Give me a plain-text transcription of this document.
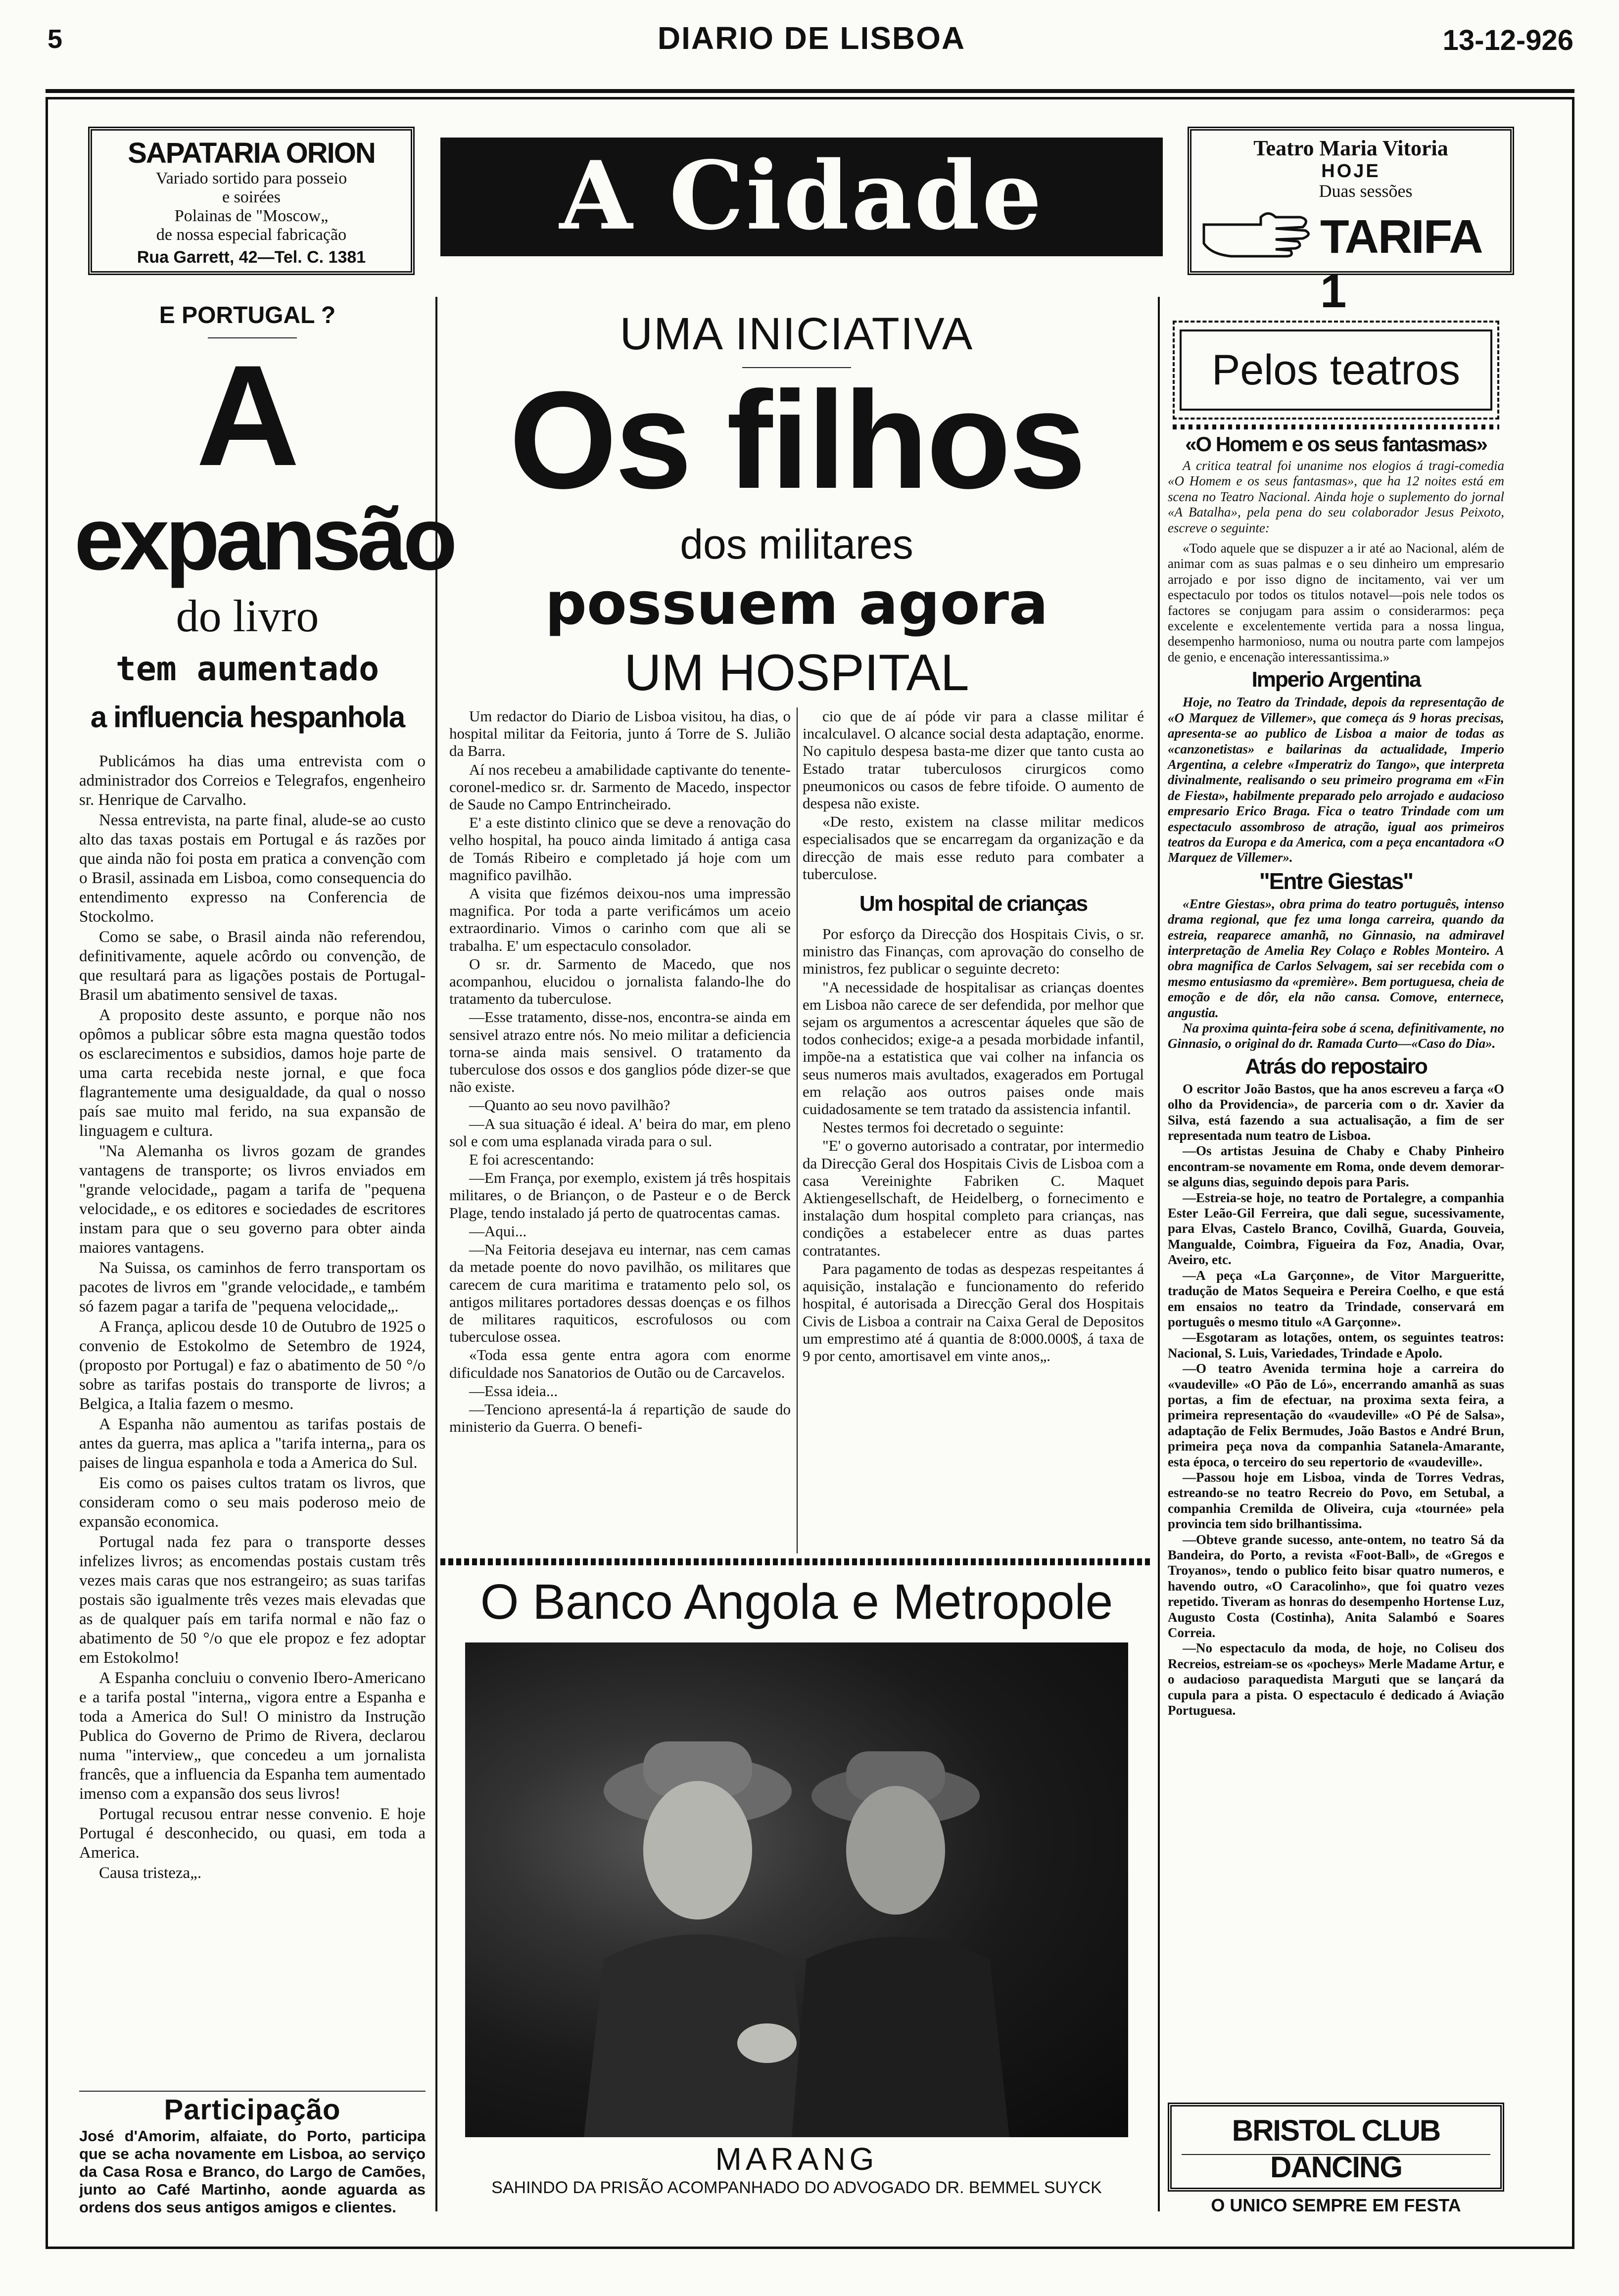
5	DIARIO DE LISBOA	13-12-926
SAPATARIA ORION
Variado sortido para posseio
e soirées
Polainas de "Moscow„
de nossa especial fabricação
Rua Garrett, 42—Tel. C. 1381
A Cidade	Teatro Maria Vitoria
HOJE
Duas sessões
TARIFA 1
E PORTUGAL ?
A
expansão
do livro
tem aumentado
a influencia hespanhola

Publicámos ha dias uma entrevista com o administrador dos Correios e Telegrafos, engenheiro sr. Henrique de Carvalho.

Nessa entrevista, na parte final, alude-se ao custo alto das taxas postais em Portugal e ás razões por que ainda não foi posta em pratica a convenção com o Brasil, assinada em Lisboa, como consequencia do entendimento expresso na Conferencia de Stockolmo.

Como se sabe, o Brasil ainda não referendou, definitivamente, aquele acôrdo ou convenção, de que resultará para as ligações postais de Portugal-Brasil um abatimento sensivel de taxas.

A proposito deste assunto, e porque não nos opômos a publicar sôbre esta magna questão todos os esclarecimentos e subsidios, damos hoje parte de uma carta recebida neste jornal, e que foca flagrantemente uma desigualdade, da qual o nosso país sae muito mal ferido, na sua expansão de linguagem e cultura.

"Na Alemanha os livros gozam de grandes vantagens de transporte; os livros enviados em "grande velocidade„ pagam a tarifa de "pequena velocidade„ e os editores e sociedades de escritores instam para que o seu governo para obter ainda maiores vantagens.

Na Suissa, os caminhos de ferro transportam os pacotes de livros em "grande velocidade„ e também só fazem pagar a tarifa de "pequena velocidade„.

A França, aplicou desde 10 de Outubro de 1925 o convenio de Estokolmo de Setembro de 1924, (proposto por Portugal) e faz o abatimento de 50 °/o sobre as tarifas postais do transporte de livros; a Belgica, a Italia fazem o mesmo.

A Espanha não aumentou as tarifas postais de antes da guerra, mas aplica a "tarifa interna„ para os paises de lingua espanhola e toda a America do Sul.

Eis como os paises cultos tratam os livros, que consideram como o seu mais poderoso meio de expansão economica.

Portugal nada fez para o transporte desses infelizes livros; as encomendas postais custam três vezes mais caras que nos estrangeiro; as suas tarifas postais são igualmente três vezes mais elevadas que as de qualquer país em tarifa normal e não faz o abatimento de 50 °/o que ele propoz e fez adoptar em Estokolmo!

A Espanha concluiu o convenio Ibero-Americano e a tarifa postal "interna„ vigora entre a Espanha e toda a America do Sul! O ministro da Instrução Publica do Governo de Primo de Rivera, declarou numa "interview„ que concedeu a um jornalista francês, que a influencia da Espanha tem aumentado imenso com a expansão dos seus livros!

Portugal recusou entrar nesse convenio. E hoje Portugal é desconhecido, ou quasi, em toda a America.

Causa tristeza„.

Participação
José d'Amorim, alfaiate, do Porto, participa que se acha novamente em Lisboa, ao serviço da Casa Rosa e Branco, do Largo de Camões, junto ao Café Martinho, aonde aguarda as ordens dos seus antigos amigos e clientes.
UMA INICIATIVA
Os filhos
dos militares
possuem agora
UM HOSPITAL

Um redactor do Diario de Lisboa visitou, ha dias, o hospital militar da Feitoria, junto á Torre de S. Julião da Barra.

Aí nos recebeu a amabilidade captivante do tenente-coronel-medico sr. dr. Sarmento de Macedo, inspector de Saude no Campo Entrincheirado.

E' a este distinto clinico que se deve a renovação do velho hospital, ha pouco ainda limitado á antiga casa de Tomás Ribeiro e completado já hoje com um magnifico pavilhão.

A visita que fizémos deixou-nos uma impressão magnifica. Por toda a parte verificámos um aceio extraordinario. Vimos o carinho com que ali se trabalha. E' um espectaculo consolador.

O sr. dr. Sarmento de Macedo, que nos acompanhou, elucidou o jornalista falando-lhe do tratamento da tuberculose.

—Esse tratamento, disse-nos, encontra-se ainda em sensivel atrazo entre nós. No meio militar a deficiencia torna-se ainda mais sensivel. O tratamento da tuberculose dos ossos e dos ganglios póde dizer-se que não existe.

—Quanto ao seu novo pavilhão?

—A sua situação é ideal. A' beira do mar, em pleno sol e com uma esplanada virada para o sul.

E foi acrescentando:

—Em França, por exemplo, existem já três hospitais militares, o de Briançon, o de Pasteur e o de Berck Plage, tendo instalado já perto de quatrocentas camas.

—Aqui...

—Na Feitoria desejava eu internar, nas cem camas da metade poente do novo pavilhão, os militares que carecem de cura maritima e tratamento pelo sol, os antigos militares portadores dessas doenças e os filhos de militares raquiticos, escrofulosos ou com tuberculose ossea.

«Toda essa gente entra agora com enorme dificuldade nos Sanatorios de Outão ou de Carcavelos.

—Essa ideia...

—Tenciono apresentá-la á repartição de saude do ministerio da Guerra. O benefi-

cio que de aí póde vir para a classe militar é incalculavel. O alcance social desta adaptação, enorme. No capitulo despesa basta-me dizer que tanto custa ao Estado tratar tuberculosos cirurgicos como pneumonicos ou casos de febre tifoide. O aumento de despesa não existe.

«De resto, existem na classe militar medicos especialisados que se encarregam da organização e da direcção de mais esse reduto para combater a tuberculose.

Um hospital de crianças

Por esforço da Direcção dos Hospitais Civis, o sr. ministro das Finanças, com aprovação do conselho de ministros, fez publicar o seguinte decreto:

"A necessidade de hospitalisar as crianças doentes em Lisboa não carece de ser defendida, por melhor que sejam os argumentos a acrescentar áqueles que são de todos conhecidos; exige-a a pesada morbidade infantil, impõe-na a estatistica que vai colher na infancia os seus numeros mais avultados, exagerados em Portugal em relação aos outros paises onde mais cuidadosamente se tem tratado da assistencia infantil.

Nestes termos foi decretado o seguinte:

"E' o governo autorisado a contratar, por intermedio da Direcção Geral dos Hospitais Civis de Lisboa com a casa Vereinighte Fabriken C. Maquet Aktiengesellschaft, de Heidelberg, o fornecimento e instalação dum hospital completo para crianças, nas condições a estabelecer entre as duas partes contratantes.

Para pagamento de todas as despezas respeitantes á aquisição, instalação e funcionamento do referido hospital, é autorisada a Direcção Geral dos Hospitais Civis de Lisboa a contrair na Caixa Geral de Depositos um emprestimo até á quantia de 8:000.000$, á taxa de 9 por cento, amortisavel em vinte anos„.

O Banco Angola e Metropole
MARANG
SAHINDO DA PRISÃO ACOMPANHADO DO ADVOGADO DR. BEMMEL SUYCK
Pelos teatros
«O Homem e os seus fantasmas»
A critica teatral foi unanime nos elogios á tragi-comedia «O Homem e os seus fantasmas», que ha 12 noites está em scena no Teatro Nacional. Ainda hoje o suplemento do jornal «A Batalha», pela pena do seu colaborador Jesus Peixoto, escreve o seguinte:
«Todo aquele que se dispuzer a ir até ao Nacional, além de animar com as suas palmas e o seu dinheiro um empresario arrojado e por isso digno de incitamento, vai ver um espectaculo por todos os titulos notavel—pois nele todos os factores se conjugam para assim o considerarmos: peça excelente e excelentemente vertida para a nossa lingua, desempenho harmonioso, numa ou noutra parte com lampejos de genio, e encenação interessantissima.»
Imperio Argentina
Hoje, no Teatro da Trindade, depois da representação de «O Marquez de Villemer», que começa ás 9 horas precisas, apresenta-se ao publico de Lisboa a maior de todas as «canzonetistas» e bailarinas da actualidade, Imperio Argentina, a celebre «Imperatriz do Tango», que interpreta divinalmente, realisando o seu primeiro programa em «Fin de Fiesta», habilmente preparado pelo arrojado e audacioso empresario Erico Braga. Fica o teatro Trindade com um espectaculo assombroso de atração, igual aos primeiros teatros da Europa e da America, com a peça encantadora «O Marquez de Villemer».
"Entre Giestas"
«Entre Giestas», obra prima do teatro português, intenso drama regional, que fez uma longa carreira, quando da estreia, reaparece amanhã, no Ginnasio, na admiravel interpretação de Amelia Rey Colaço e Robles Monteiro. A obra magnifica de Carlos Selvagem, sai ser recebida com o mesmo entusiasmo da «première». Bem portuguesa, cheia de emoção e de dôr, ela não cansa. Comove, enternece, angustia.
Na proxima quinta-feira sobe á scena, definitivamente, no Ginnasio, o original do dr. Ramada Curto—«Caso do Dia».
Atrás do repostairo
O escritor João Bastos, que ha anos escreveu a farça «O olho da Providencia», de parceria com o dr. Xavier da Silva, está fazendo a sua actualisação, a fim de ser representada num teatro de Lisboa.
—Os artistas Jesuina de Chaby e Chaby Pinheiro encontram-se novamente em Roma, onde devem demorar-se alguns dias, seguindo depois para Paris.
—Estreia-se hoje, no teatro de Portalegre, a companhia Ester Leão-Gil Ferreira, que dali segue, sucessivamente, para Elvas, Castelo Branco, Covilhã, Guarda, Gouveia, Mangualde, Coimbra, Figueira da Foz, Anadia, Ovar, Aveiro, etc.
—A peça «La Garçonne», de Vitor Margueritte, tradução de Matos Sequeira e Pereira Coelho, e que está em ensaios no teatro da Trindade, conservará em português o mesmo titulo «A Garçonne».
—Esgotaram as lotações, ontem, os seguintes teatros: Nacional, S. Luis, Variedades, Trindade e Apolo.
—O teatro Avenida termina hoje a carreira do «vaudeville» «O Pão de Ló», encerrando amanhã as suas portas, a fim de efectuar, na proxima sexta feira, a primeira representação do «vaudeville» «O Pé de Salsa», adaptação de Felix Bermudes, João Bastos e André Brun, primeira peça nova da companhia Satanela-Amarante, esta época, o terceiro do seu repertorio de «vaudeville».
—Passou hoje em Lisboa, vinda de Torres Vedras, estreando-se no teatro Recreio do Povo, em Setubal, a companhia Cremilda de Oliveira, cuja «tournée» pela provincia tem sido brilhantissima.
—Obteve grande sucesso, ante-ontem, no teatro Sá da Bandeira, do Porto, a revista «Foot-Ball», de «Gregos e Troyanos», tendo o publico feito bisar quatro numeros, e havendo outro, «O Caracolinho», que foi quatro vezes repetido. Tiveram as honras do desempenho Hortense Luz, Augusto Costa (Costinha), Anita Salambó e Soares Correia.
—No espectaculo da moda, de hoje, no Coliseu dos Recreios, estreiam-se os «pocheys» Merle Madame Artur, e o audacioso paraquedista Marguti que se lançará da cupula para a pista. O espectaculo é dedicado á Aviação Portuguesa.
BRISTOL CLUB DANCING
O UNICO SEMPRE EM FESTA
